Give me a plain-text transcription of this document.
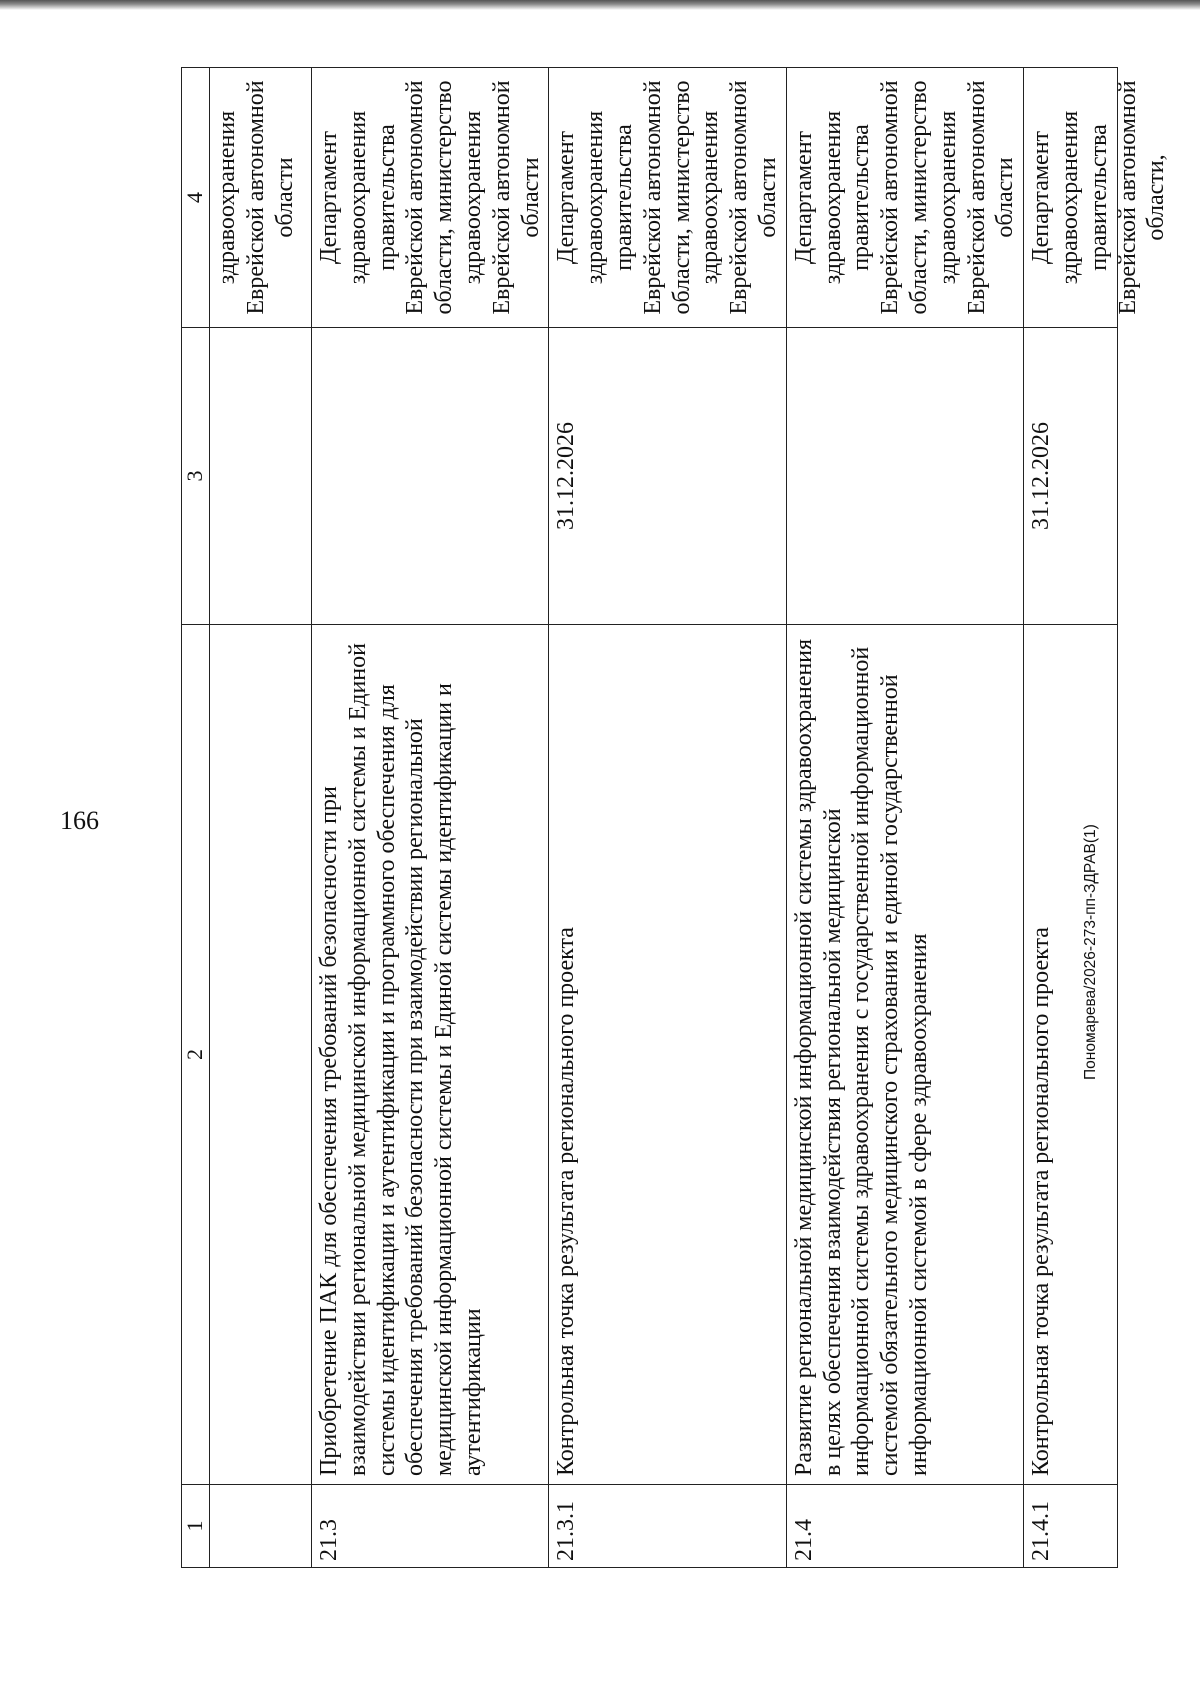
166
1	2	3	4
			здравоохранения Еврейской автономной области
21.3	Приобретение ПАК для обеспечения требований безопасности при взаимодействии региональной медицинской информационной системы и Единой системы идентификации и аутентификации и программного обеспечения для обеспечения требований безопасности при взаимодействии региональной медицинской информационной системы и Единой системы идентификации и аутентификации		Департамент здравоохранения правительства Еврейской автономной области, министерство здравоохранения Еврейской автономной области
21.3.1	Контрольная точка результата регионального проекта	31.12.2026	Департамент здравоохранения правительства Еврейской автономной области, министерство здравоохранения Еврейской автономной области
21.4	Развитие региональной медицинской информационной системы здравоохранения в целях обеспечения взаимодействия региональной медицинской информационной системы здравоохранения с государственной информационной системой обязательного медицинского страхования и единой государственной информационной системой в сфере здравоохранения		Департамент здравоохранения правительства Еврейской автономной области, министерство здравоохранения Еврейской автономной области
21.4.1	Контрольная точка результата регионального проекта	31.12.2026	Департамент здравоохранения правительства Еврейской автономной области,
Пономарева/2026-273-пп-ЗДРАВ(1)
